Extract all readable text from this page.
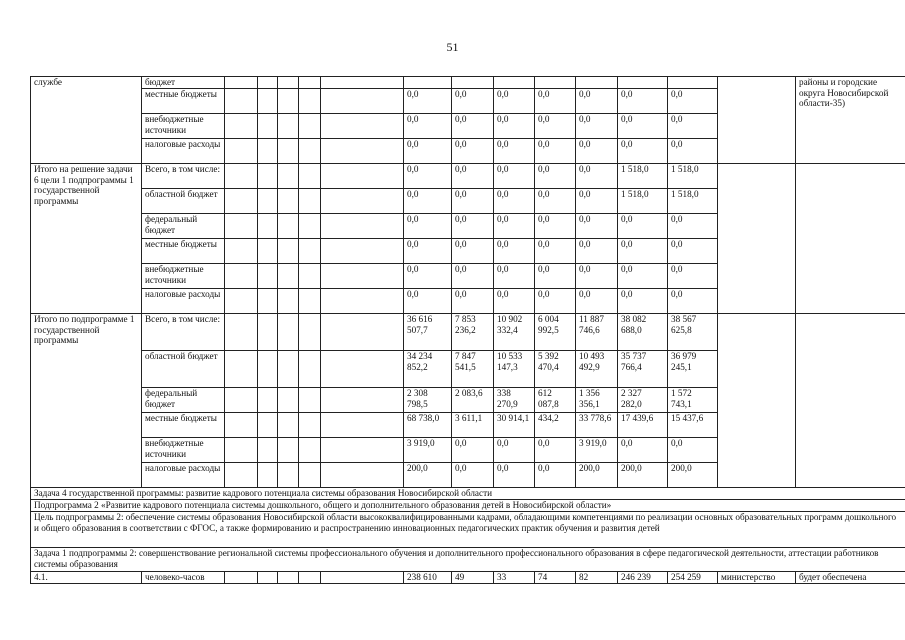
51
службе	бюджет														районы и городские округа Новосибирской области-35)
	местные бюджеты						0,0	0,0	0,0	0,0	0,0	0,0	0,0		
	внебюджетные источники						0,0	0,0	0,0	0,0	0,0	0,0	0,0		
	налоговые расходы						0,0	0,0	0,0	0,0	0,0	0,0	0,0		
Итого на решение задачи 6 цели 1 подпрограммы 1 государственной программы	Всего, в том числе:						0,0	0,0	0,0	0,0	0,0	1 518,0	1 518,0		
	областной бюджет						0,0	0,0	0,0	0,0	0,0	1 518,0	1 518,0		
	федеральный бюджет						0,0	0,0	0,0	0,0	0,0	0,0	0,0		
	местные бюджеты						0,0	0,0	0,0	0,0	0,0	0,0	0,0		
	внебюджетные источники						0,0	0,0	0,0	0,0	0,0	0,0	0,0		
	налоговые расходы						0,0	0,0	0,0	0,0	0,0	0,0	0,0		
Итого по подпрограмме 1 государственной программы	Всего, в том числе:						36 616 507,7	7 853 236,2	10 902 332,4	6 004 992,5	11 887 746,6	38 082 688,0	38 567 625,8		
	областной бюджет						34 234 852,2	7 847 541,5	10 533 147,3	5 392 470,4	10 493 492,9	35 737 766,4	36 979 245,1		
	федеральный бюджет						2 308 798,5	2 083,6	338 270,9	612 087,8	1 356 356,1	2 327 282,0	1 572 743,1		
	местные бюджеты						68 738,0	3 611,1	30 914,1	434,2	33 778,6	17 439,6	15 437,6		
	внебюджетные источники						3 919,0	0,0	0,0	0,0	3 919,0	0,0	0,0		
	налоговые расходы						200,0	0,0	0,0	0,0	200,0	200,0	200,0		
Задача 4 государственной программы: развитие кадрового потенциала системы образования Новосибирской области															
Подпрограмма 2 «Развитие кадрового потенциала системы дошкольного, общего и дополнительного образования детей в Новосибирской области»															
Цель подпрограммы 2: обеспечение системы образования Новосибирской области высококвалифицированными кадрами, обладающими компетенциями по реализации основных образовательных программ дошкольного и общего образования в соответствии с ФГОС, а также формированию и распространению инновационных педагогических практик обучения и развития детей															
Задача 1 подпрограммы 2: совершенствование региональной системы профессионального обучения и дополнительного профессионального образования в сфере педагогической деятельности, аттестации работников системы образования															
4.1.	человеко-часов						238 610	49	33	74	82	246 239	254 259	министерство	будет обеспечена
